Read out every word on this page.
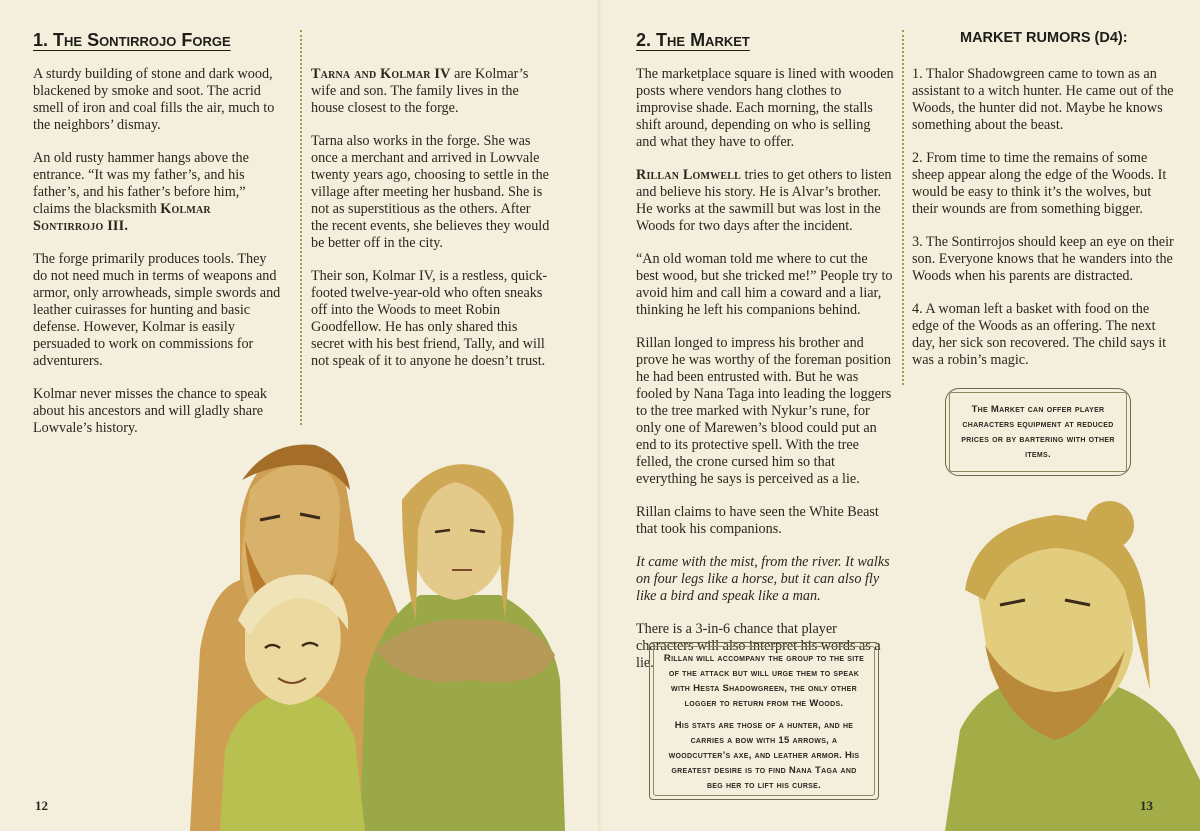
1. The Sontirrojo Forge

A sturdy building of stone and dark wood, blackened by smoke and soot. The acrid smell of iron and coal fills the air, much to the neighbors’ dismay.

An old rusty hammer hangs above the entrance. “It was my father’s, and his father’s, and his father’s before him,” claims the blacksmith Kolmar Sontirrojo III.

The forge primarily produces tools. They do not need much in terms of weapons and armor, only arrowheads, simple swords and leather cuirasses for hunting and basic defense. However, Kolmar is easily persuaded to work on commissions for adventurers.

Kolmar never misses the chance to speak about his ancestors and will gladly share Lowvale’s history.

Tarna and Kolmar IV are Kolmar’s wife and son. The family lives in the house closest to the forge.

Tarna also works in the forge. She was once a merchant and arrived in Lowvale twenty years ago, choosing to settle in the village after meeting her husband. She is not as superstitious as the others. After the recent events, she believes they would be better off in the city.

Their son, Kolmar IV, is a restless, quick-footed twelve-year-old who often sneaks off into the Woods to meet Robin Goodfellow. He has only shared this secret with his best friend, Tally, and will not speak of it to anyone he doesn’t trust.

12
2. The Market

The marketplace square is lined with wooden posts where vendors hang clothes to improvise shade. Each morning, the stalls shift around, depending on who is selling and what they have to offer.

Rillan Lomwell tries to get others to listen and believe his story. He is Alvar’s brother. He works at the sawmill but was lost in the Woods for two days after the incident.

“An old woman told me where to cut the best wood, but she tricked me!” People try to avoid him and call him a coward and a liar, thinking he left his companions behind.

Rillan longed to impress his brother and prove he was worthy of the foreman position he had been entrusted with. But he was fooled by Nana Taga into leading the loggers to the tree marked with Nykur’s rune, for only one of Marewen’s blood could put an end to its protective spell. With the tree felled, the crone cursed him so that everything he says is perceived as a lie.

Rillan claims to have seen the White Beast that took his companions.

It came with the mist, from the river. It walks on four legs like a horse, but it can also fly like a bird and speak like a man.

There is a 3-in-6 chance that player characters will also interpret his words as a lie.	Rillan will accompany the group to the site of the attack but will urge them to speak with Hesta Shadowgreen, the only other logger to return from the Woods.

His stats are those of a hunter, and he carries a bow with 15 arrows, a woodcutter’s axe, and leather armor. His greatest desire is to find Nana Taga and beg her to lift his curse.

MARKET RUMORS (D4):

1. Thalor Shadowgreen came to town as an assistant to a witch hunter. He came out of the Woods, the hunter did not. Maybe he knows something about the beast.

2. From time to time the remains of some sheep appear along the edge of the Woods. It would be easy to think it’s the wolves, but their wounds are from something bigger.

3. The Sontirrojos should keep an eye on their son. Everyone knows that he wanders into the Woods when his parents are distracted.

4. A woman left a basket with food on the edge of the Woods as an offering. The next day, her sick son recovered. The child says it was a robin’s magic.

The Market can offer player characters equipment at reduced prices or by bartering with other items.

13
